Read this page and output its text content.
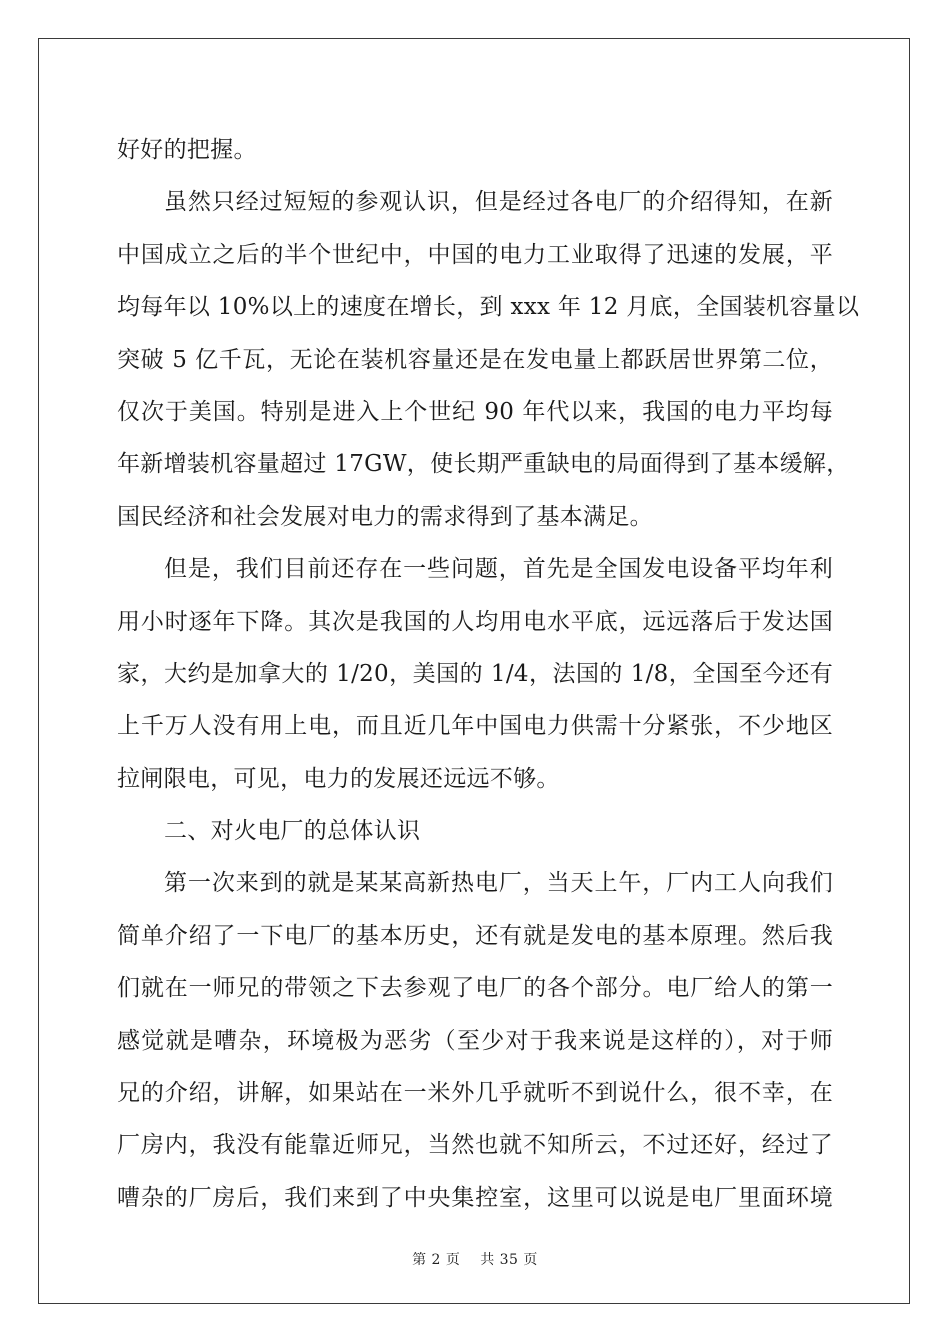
好好的把握。
虽然只经过短短的参观认识，但是经过各电厂的介绍得知，在新
中国成立之后的半个世纪中，中国的电力工业取得了迅速的发展，平
均每年以 10%以上的速度在增长，到 xxx 年 12 月底，全国装机容量以
突破 5 亿千瓦，无论在装机容量还是在发电量上都跃居世界第二位，
仅次于美国。特别是进入上个世纪 90 年代以来，我国的电力平均每
年新增装机容量超过 17GW，使长期严重缺电的局面得到了基本缓解，
国民经济和社会发展对电力的需求得到了基本满足。
但是，我们目前还存在一些问题，首先是全国发电设备平均年利
用小时逐年下降。其次是我国的人均用电水平底，远远落后于发达国
家，大约是加拿大的 1/20，美国的 1/4，法国的 1/8，全国至今还有
上千万人没有用上电，而且近几年中国电力供需十分紧张，不少地区
拉闸限电，可见，电力的发展还远远不够。
二、对火电厂的总体认识
第一次来到的就是某某高新热电厂，当天上午，厂内工人向我们
简单介绍了一下电厂的基本历史，还有就是发电的基本原理。然后我
们就在一师兄的带领之下去参观了电厂的各个部分。电厂给人的第一
感觉就是嘈杂，环境极为恶劣（至少对于我来说是这样的），对于师
兄的介绍，讲解，如果站在一米外几乎就听不到说什么，很不幸，在
厂房内，我没有能靠近师兄，当然也就不知所云，不过还好，经过了
嘈杂的厂房后，我们来到了中央集控室，这里可以说是电厂里面环境
第 2 页 共 35 页
